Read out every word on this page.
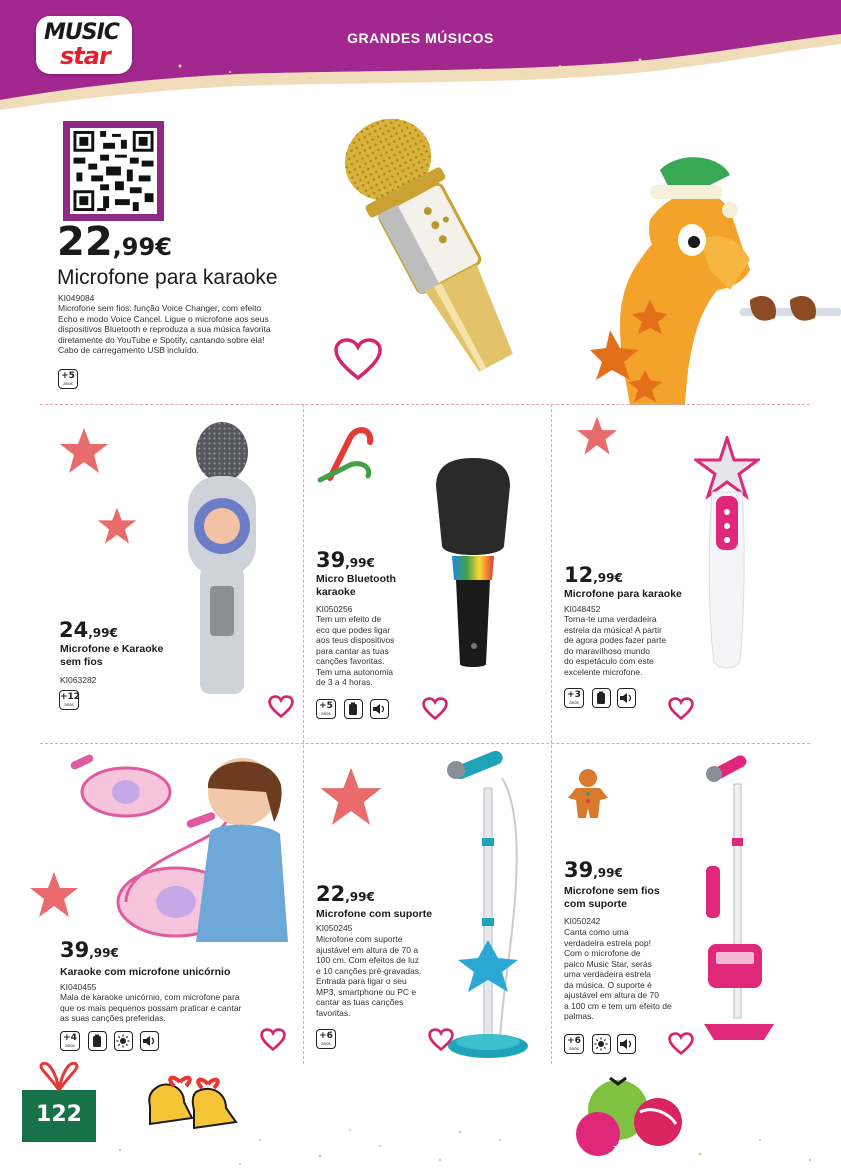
MUSIC
star
GRANDES MÚSICOS
22,99€
Microfone para karaoke
KI049084
Microfone sem fios: função Voice Changer, com efeito
Echo e modo Voice Cancel. Ligue o microfone aos seus
dispositivos Bluetooth e reproduza a sua música favorita
diretamente do YouTube e Spotify, cantando sobre ela!
Cabo de carregamento USB incluído.
+5
anos
24,99€
Microfone e Karaoke
sem fios
KI063282
+12
anos
39,99€
Micro Bluetooth
karaoke
KI050256
Tem um efeito de
eco que podes ligar
aos teus dispositivos
para cantar as tuas
canções favoritas.
Tem uma autonomia
de 3 a 4 horas.
+5
anos
12,99€
Microfone para karaoke
KI048452
Torna-te uma verdadeira
estrela da música! A partir
de agora podes fazer parte
do maravilhoso mundo
do espetáculo com este
excelente microfone.
+3
anos
39,99€
Karaoke com microfone unicórnio
KI040455
Mala de karaoke unicórnio, com microfone para
que os mais pequenos possam praticar e cantar
as suas canções preferidas.
+4
anos
22,99€
Microfone com suporte
KI050245
Microfone com suporte
ajustável em altura de 70 a
100 cm. Com efeitos de luz
e 10 canções pré-gravadas.
Entrada para ligar o seu
MP3, smartphone ou PC e
cantar as tuas canções
favoritas.
+6
anos
39,99€
Microfone sem fios
com suporte
KI050242
Canta como uma
verdadeira estrela pop!
Com o microfone de
palco Music Star, serás
uma verdadeira estrela
da música. O suporte é
ajustável em altura de 70
a 100 cm e tem um efeito de
palmas.
+6
anos
122
